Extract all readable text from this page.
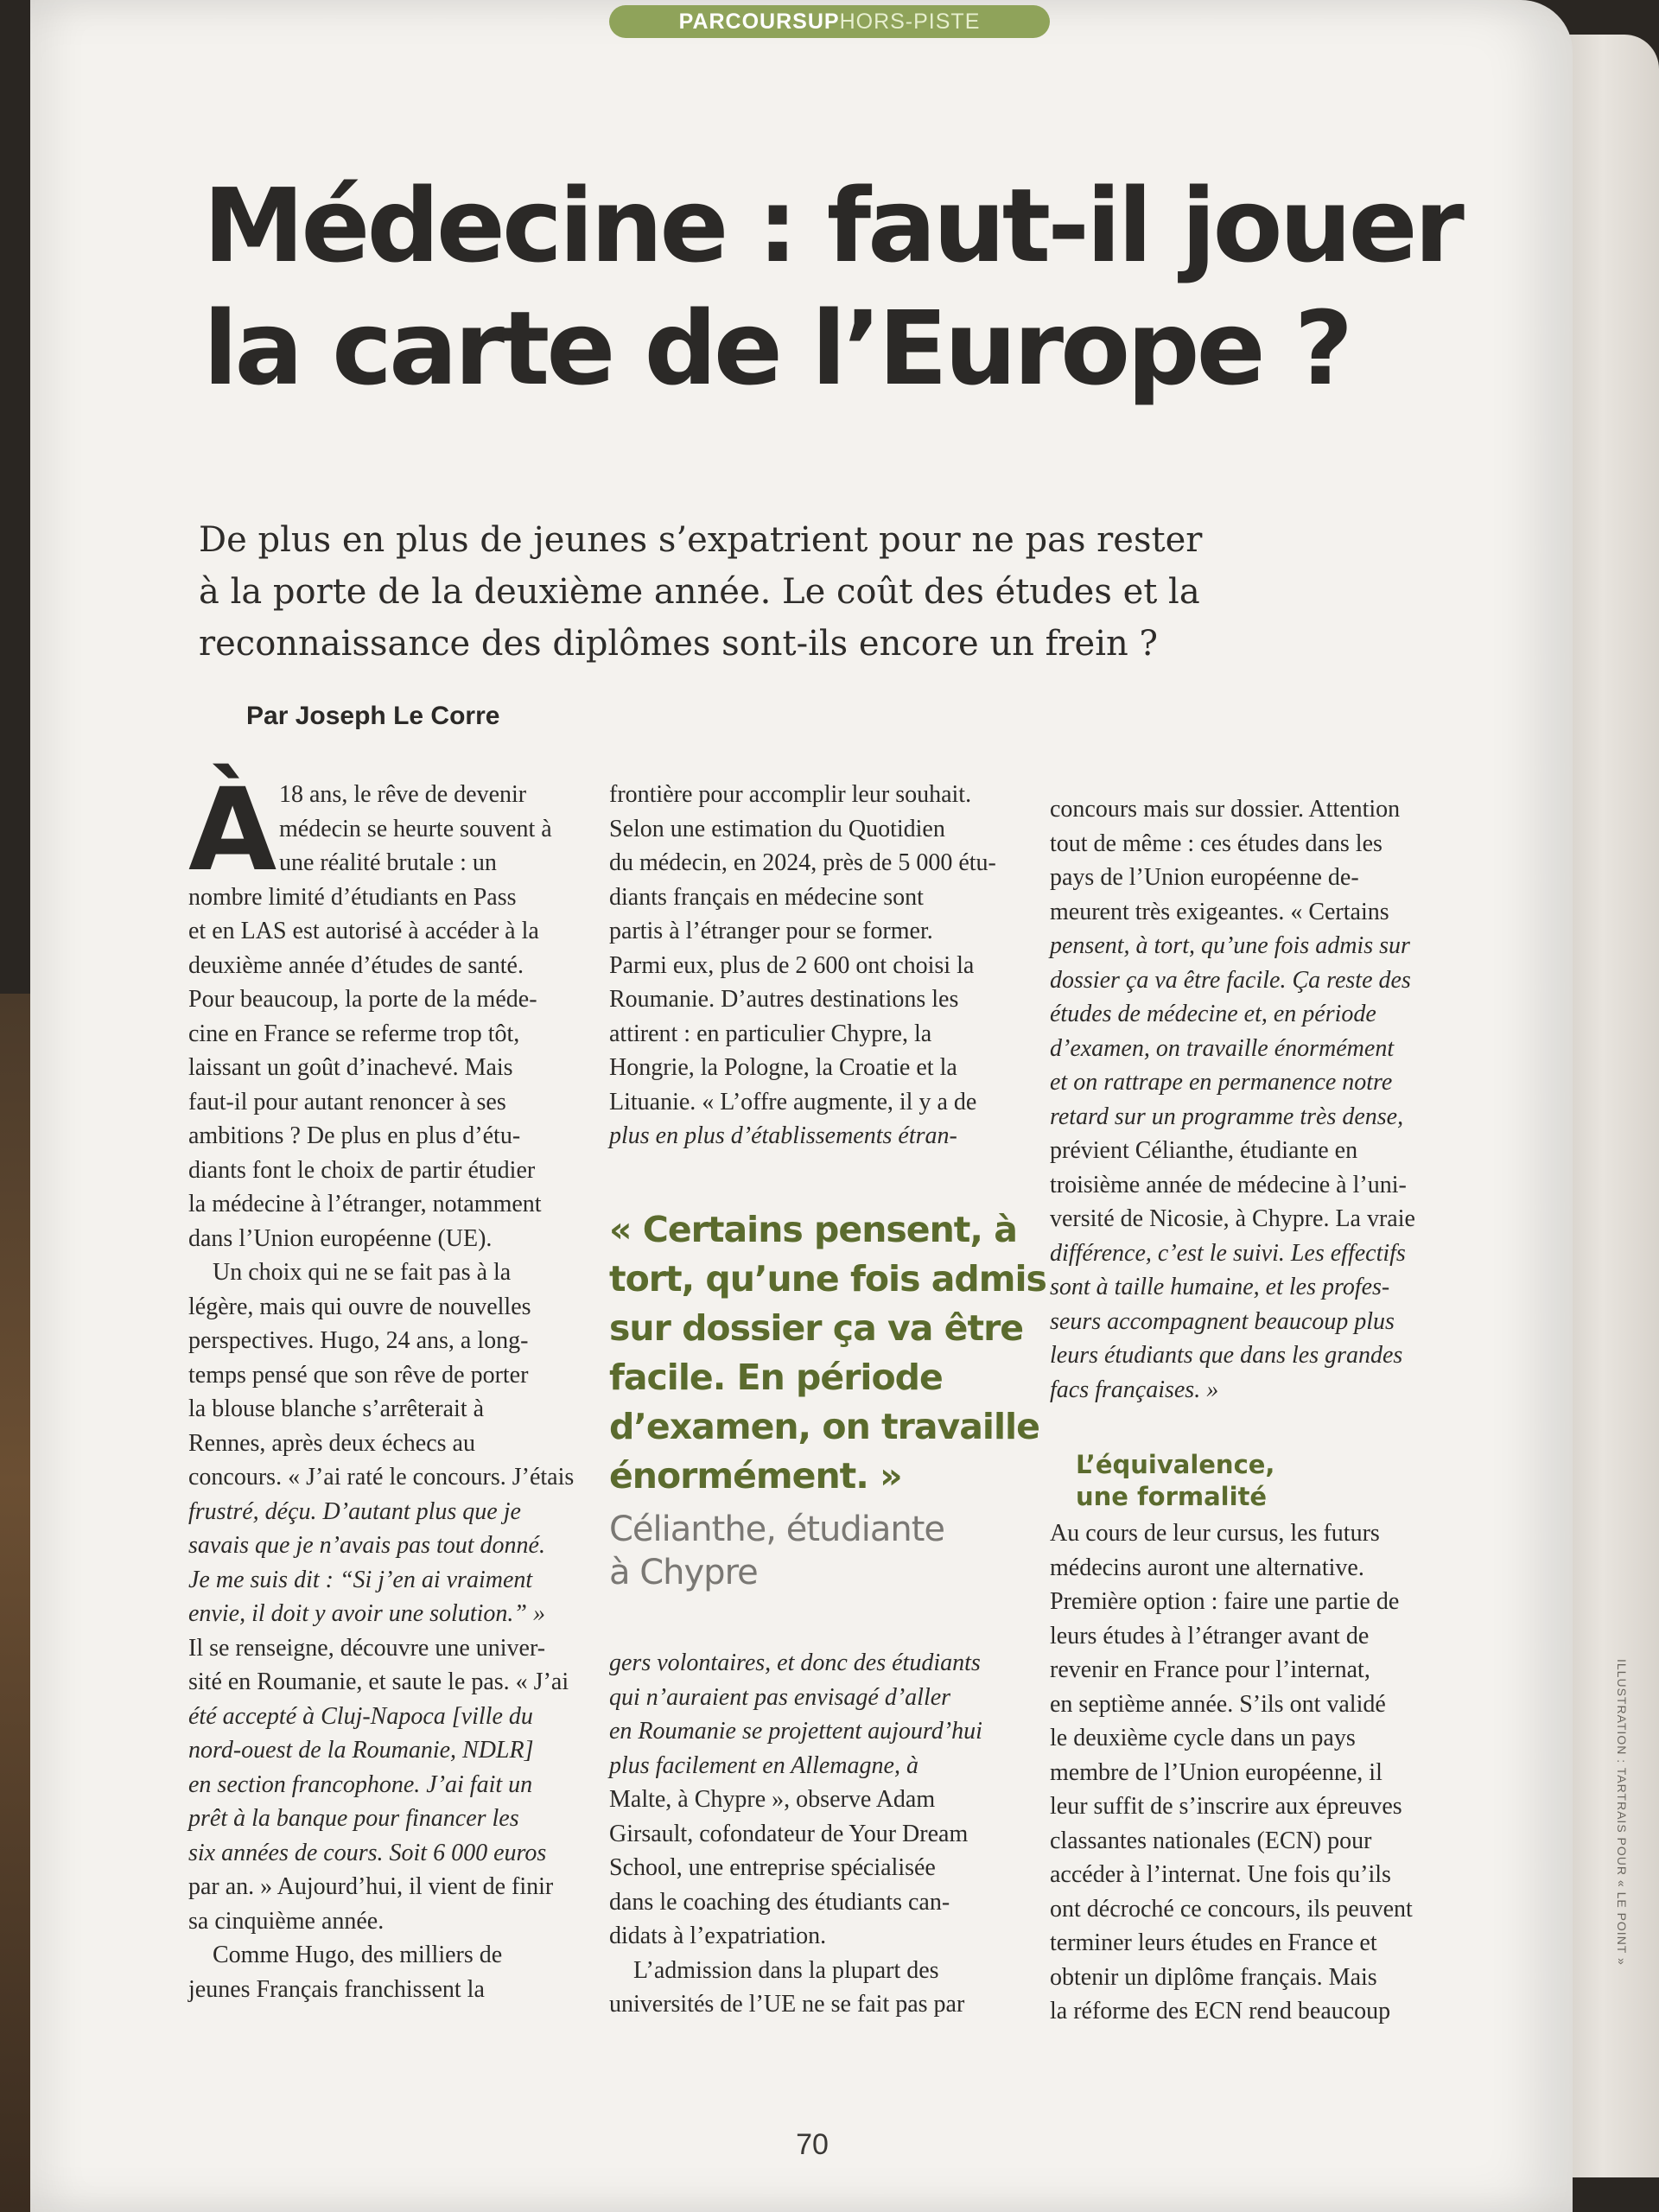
ILLUSTRATION : TARTRAIS POUR « LE POINT »
PARCOURSUP HORS-PISTE
Médecine : faut-il jouer
la carte de l’Europe ?
De plus en plus de jeunes s’expatrient pour ne pas rester
à la porte de la deuxième année. Le coût des études et la
reconnaissance des diplômes sont-ils encore un frein ?
Par Joseph Le Corre
À 18 ans, le rêve de devenir
médecin se heurte souvent à
une réalité brutale : un
nombre limité d’étudiants en Pass
et en LAS est autorisé à accéder à la
deuxième année d’études de santé.
Pour beaucoup, la porte de la méde-
cine en France se referme trop tôt,
laissant un goût d’inachevé. Mais
faut-il pour autant renoncer à ses
ambitions ? De plus en plus d’étu-
diants font le choix de partir étudier
la médecine à l’étranger, notamment
dans l’Union européenne (UE).
Un choix qui ne se fait pas à la
légère, mais qui ouvre de nouvelles
perspectives. Hugo, 24 ans, a long-
temps pensé que son rêve de porter
la blouse blanche s’arrêterait à
Rennes, après deux échecs au
concours. « J’ai raté le concours. J’étais
frustré, déçu. D’autant plus que je
savais que je n’avais pas tout donné.
Je me suis dit : “Si j’en ai vraiment
envie, il doit y avoir une solution.” »
Il se renseigne, découvre une univer-
sité en Roumanie, et saute le pas. « J’ai
été accepté à Cluj-Napoca [ville du
nord-ouest de la Roumanie, NDLR]
en section francophone. J’ai fait un
prêt à la banque pour financer les
six années de cours. Soit 6 000 euros
par an. » Aujourd’hui, il vient de finir
sa cinquième année.
Comme Hugo, des milliers de
jeunes Français franchissent la
frontière pour accomplir leur souhait.
Selon une estimation du Quotidien
du médecin, en 2024, près de 5 000 étu-
diants français en médecine sont
partis à l’étranger pour se former.
Parmi eux, plus de 2 600 ont choisi la
Roumanie. D’autres destinations les
attirent : en particulier Chypre, la
Hongrie, la Pologne, la Croatie et la
Lituanie. « L’offre augmente, il y a de
plus en plus d’établissements étran-
« Certains pensent, à
tort, qu’une fois admis
sur dossier ça va être
facile. En période
d’examen, on travaille
énormément. »
Célianthe, étudiante
à Chypre
gers volontaires, et donc des étudiants
qui n’auraient pas envisagé d’aller
en Roumanie se projettent aujourd’hui
plus facilement en Allemagne, à
Malte, à Chypre », observe Adam
Girsault, cofondateur de Your Dream
School, une entreprise spécialisée
dans le coaching des étudiants can-
didats à l’expatriation.
L’admission dans la plupart des
universités de l’UE ne se fait pas par
concours mais sur dossier. Attention
tout de même : ces études dans les
pays de l’Union européenne de-
meurent très exigeantes. « Certains
pensent, à tort, qu’une fois admis sur
dossier ça va être facile. Ça reste des
études de médecine et, en période
d’examen, on travaille énormément
et on rattrape en permanence notre
retard sur un programme très dense,
prévient Célianthe, étudiante en
troisième année de médecine à l’uni-
versité de Nicosie, à Chypre. La vraie
différence, c’est le suivi. Les effectifs
sont à taille humaine, et les profes-
seurs accompagnent beaucoup plus
leurs étudiants que dans les grandes
facs françaises. »
L’équivalence,
une formalité
Au cours de leur cursus, les futurs
médecins auront une alternative.
Première option : faire une partie de
leurs études à l’étranger avant de
revenir en France pour l’internat,
en septième année. S’ils ont validé
le deuxième cycle dans un pays
membre de l’Union européenne, il
leur suffit de s’inscrire aux épreuves
classantes nationales (ECN) pour
accéder à l’internat. Une fois qu’ils
ont décroché ce concours, ils peuvent
terminer leurs études en France et
obtenir un diplôme français. Mais
la réforme des ECN rend beaucoup
70
